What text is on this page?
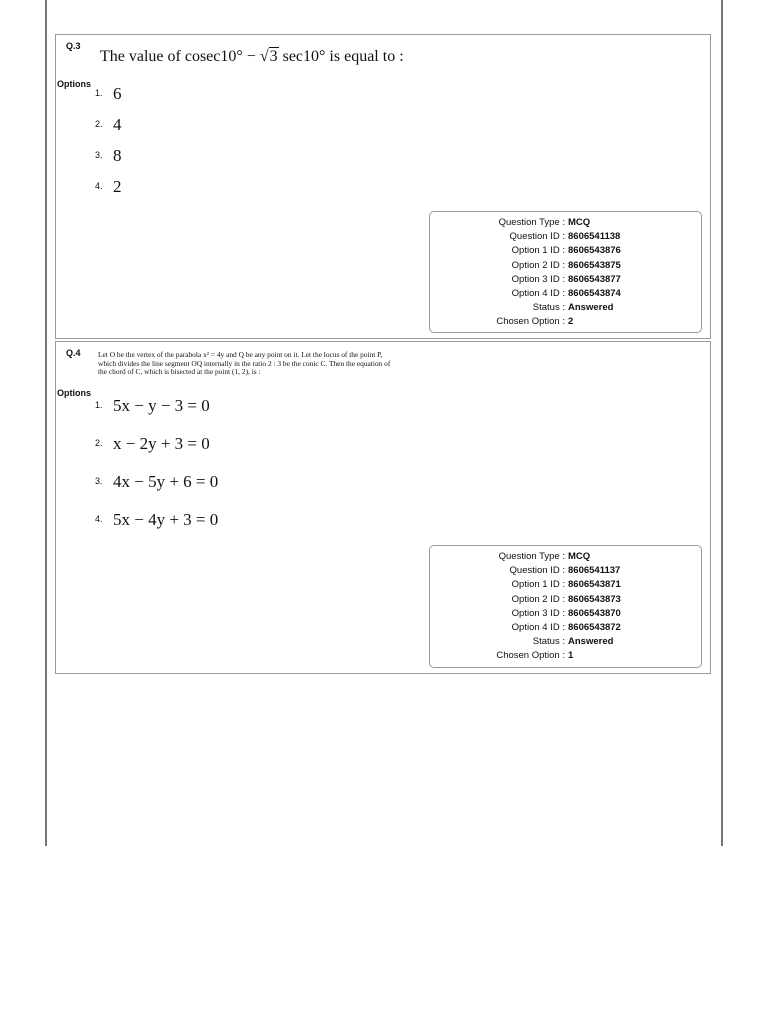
Q.3
The value of cosec10° − √3 sec10° is equal to :
Options
1. 6
2. 4
3. 8
4. 2
Question Type : MCQ
Question ID : 8606541138
Option 1 ID : 8606543876
Option 2 ID : 8606543875
Option 3 ID : 8606543877
Option 4 ID : 8606543874
Status : Answered
Chosen Option : 2
Q.4 Let O be the vertex of the parabola x² = 4y and Q be any point on it. Let the locus of the point P,
which divides the line segment OQ internally in the ratio 2 : 3 be the conic C. Then the equation of
the chord of C, which is bisected at the point (1, 2), is :
Options
1. 5x − y − 3 = 0
2. x − 2y + 3 = 0
3. 4x − 5y + 6 = 0
4. 5x − 4y + 3 = 0
Question Type : MCQ
Question ID : 8606541137
Option 1 ID : 8606543871
Option 2 ID : 8606543873
Option 3 ID : 8606543870
Option 4 ID : 8606543872
Status : Answered
Chosen Option : 1
